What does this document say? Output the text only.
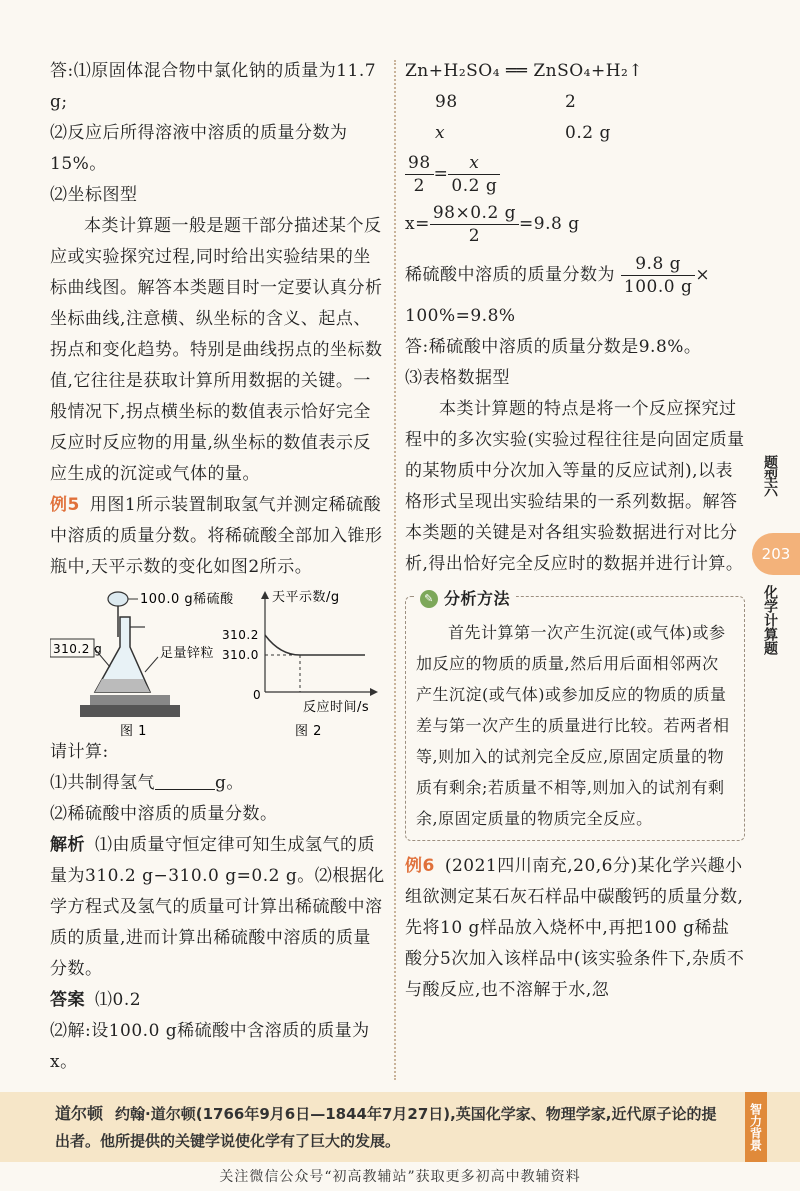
答:⑴原固体混合物中氯化钠的质量为11.7 g;

⑵反应后所得溶液中溶质的质量分数为15%。

⑵坐标图型

本类计算题一般是题干部分描述某个反应或实验探究过程,同时给出实验结果的坐标曲线图。解答本类题目时一定要认真分析坐标曲线,注意横、纵坐标的含义、起点、拐点和变化趋势。特别是曲线拐点的坐标数值,它往往是获取计算所用数据的关键。一般情况下,拐点横坐标的数值表示恰好完全反应时反应物的用量,纵坐标的数值表示反应生成的沉淀或气体的量。

例5 用图1所示装置制取氢气并测定稀硫酸中溶质的质量分数。将稀硫酸全部加入锥形瓶中,天平示数的变化如图2所示。

100.0 g稀硫酸
310.2 g	足量锌粒
图 1
天平示数/g
310.2
310.0
0
反应时间/s
图 2

请计算:

⑴共制得氢气	g。

⑵稀硫酸中溶质的质量分数。

解析 ⑴由质量守恒定律可知生成氢气的质量为310.2 g−310.0 g=0.2 g。⑵根据化学方程式及氢气的质量可计算出稀硫酸中溶质的质量,进而计算出稀硫酸中溶质的质量分数。

答案 ⑴0.2

⑵解:设100.0 g稀硫酸中含溶质的质量为x。

Zn+H₂SO₄ ══ ZnSO₄+H₂↑

98	2
x	0.2 g

$\frac{98}{2} = \frac{x}{0.2 g}$

$x= \frac{98\times 0.2 g}{2} =9.8$ g

稀硫酸中溶质的质量分数为 $\frac{9.8 g}{100.0 g}$ ×

100%=9.8%

答:稀硫酸中溶质的质量分数是9.8%。

⑶表格数据型

本类计算题的特点是将一个反应探究过程中的多次实验(实验过程往往是向固定质量的某物质中分次加入等量的反应试剂),以表格形式呈现出实验结果的一系列数据。解答本类题的关键是对各组实验数据进行对比分析,得出恰好完全反应时的数据并进行计算。

✎ 分析方法

首先计算第一次产生沉淀(或气体)或参加反应的物质的质量,然后用后面相邻两次产生沉淀(或气体)或参加反应的物质的质量差与第一次产生的质量进行比较。若两者相等,则加入的试剂完全反应,原固定质量的物质有剩余;若质量不相等,则加入的试剂有剩余,原固定质量的物质完全反应。

例6 (2021四川南充,20,6分)某化学兴趣小组欲测定某石灰石样品中碳酸钙的质量分数,先将10 g样品放入烧杯中,再把100 g稀盐酸分5次加入该样品中(该实验条件下,杂质不与酸反应,也不溶解于水,忽

题型六
203
化学计算题
道尔顿 约翰·道尔顿(1766年9月6日—1844年7月27日),英国化学家、物理学家,近代原子论的提出者。他所提供的关键学说使化学有了巨大的发展。	智力背景
关注微信公众号“初高教辅站”获取更多初高中教辅资料
